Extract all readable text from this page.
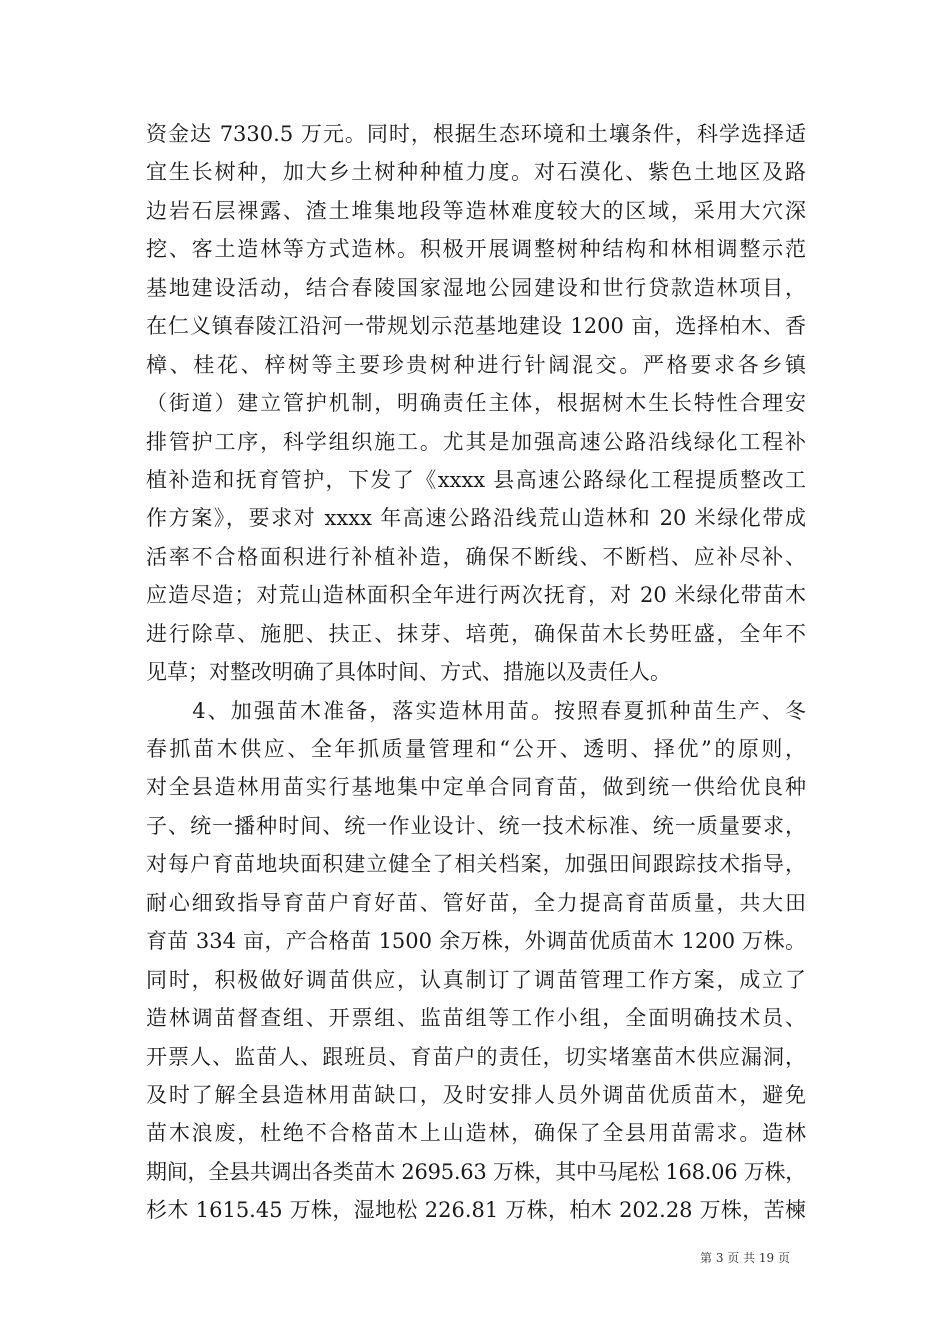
资金达 7330.5 万元。同时，根据生态环境和土壤条件，科学选择适
宜生长树种，加大乡土树种种植力度。对石漠化、紫色土地区及路
边岩石层裸露、渣土堆集地段等造林难度较大的区域，采用大穴深
挖、客土造林等方式造林。积极开展调整树种结构和林相调整示范
基地建设活动，结合春陵国家湿地公园建设和世行贷款造林项目，
在仁义镇春陵江沿河一带规划示范基地建设 1200 亩，选择柏木、香
樟、桂花、梓树等主要珍贵树种进行针阔混交。严格要求各乡镇
（街道）建立管护机制，明确责任主体，根据树木生长特性合理安
排管护工序，科学组织施工。尤其是加强高速公路沿线绿化工程补
植补造和抚育管护，下发了《xxxx 县高速公路绿化工程提质整改工
作方案》，要求对 xxxx 年高速公路沿线荒山造林和 20 米绿化带成
活率不合格面积进行补植补造，确保不断线、不断档、应补尽补、
应造尽造；对荒山造林面积全年进行两次抚育，对 20 米绿化带苗木
进行除草、施肥、扶正、抹芽、培蔸，确保苗木长势旺盛，全年不
见草；对整改明确了具体时间、方式、措施以及责任人。
　　4、加强苗木准备，落实造林用苗。按照春夏抓种苗生产、冬
春抓苗木供应、全年抓质量管理和“公开、透明、择优”的原则，
对全县造林用苗实行基地集中定单合同育苗，做到统一供给优良种
子、统一播种时间、统一作业设计、统一技术标准、统一质量要求，
对每户育苗地块面积建立健全了相关档案，加强田间跟踪技术指导，
耐心细致指导育苗户育好苗、管好苗，全力提高育苗质量，共大田
育苗 334 亩，产合格苗 1500 余万株，外调苗优质苗木 1200 万株。
同时，积极做好调苗供应，认真制订了调苗管理工作方案，成立了
造林调苗督查组、开票组、监苗组等工作小组，全面明确技术员、
开票人、监苗人、跟班员、育苗户的责任，切实堵塞苗木供应漏洞，
及时了解全县造林用苗缺口，及时安排人员外调苗优质苗木，避免
苗木浪废，杜绝不合格苗木上山造林，确保了全县用苗需求。造林
期间，全县共调出各类苗木 2695.63 万株，其中马尾松 168.06 万株，
杉木 1615.45 万株，湿地松 226.81 万株，柏木 202.28 万株，苦楝
第 3 页 共 19 页
